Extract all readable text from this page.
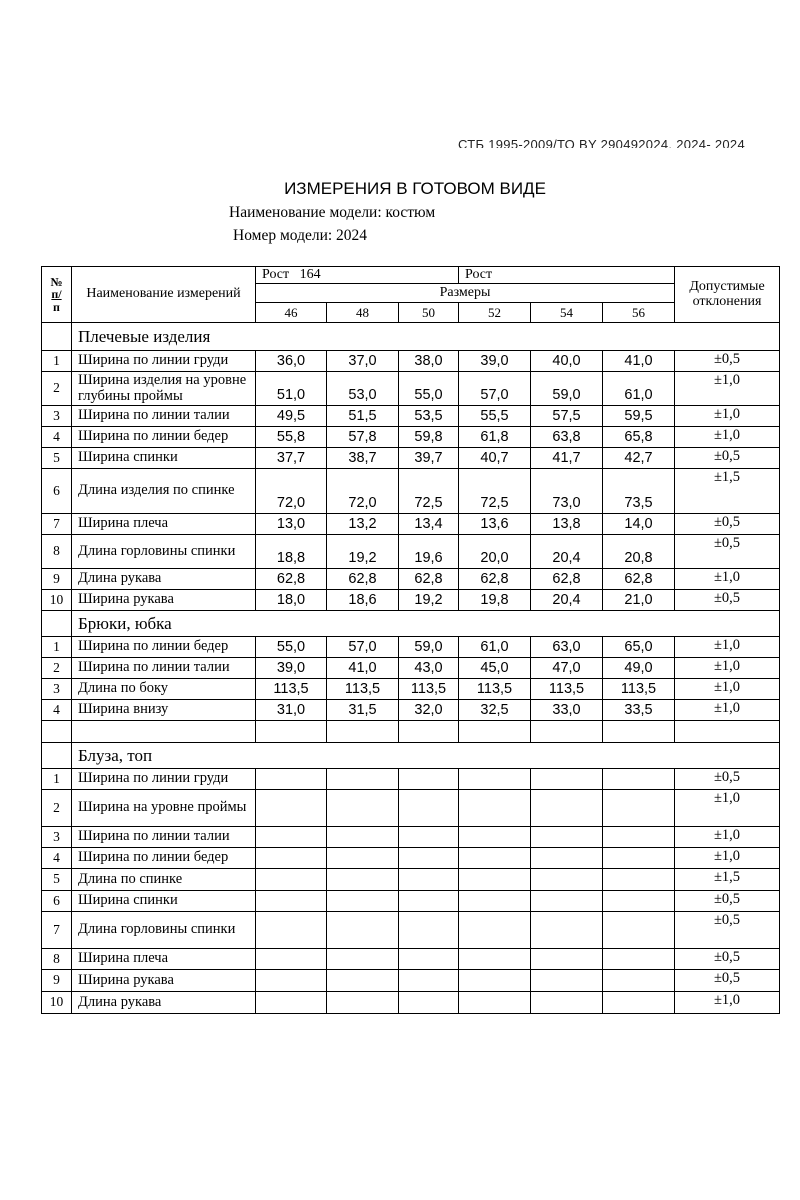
СТБ 1995-2009/ТО BY 290492024. 2024- 2024
ИЗМЕРЕНИЯ В ГОТОВОМ ВИДЕ
Наименование модели: костюм
Номер модели: 2024
№
п/
п	Наименование измерений	Рост   164			Рост			Допустимые отклонения
		Размеры						
		46	48	50	52	54	56	
	Плечевые изделия							
1	Ширина по линии груди	36,0	37,0	38,0	39,0	40,0	41,0	±0,5
2	Ширина изделия на уровне глубины проймы	51,0	53,0	55,0	57,0	59,0	61,0	±1,0
3	Ширина по линии талии	49,5	51,5	53,5	55,5	57,5	59,5	±1,0
4	Ширина по линии бедер	55,8	57,8	59,8	61,8	63,8	65,8	±1,0
5	Ширина спинки	37,7	38,7	39,7	40,7	41,7	42,7	±0,5
6	Длина изделия по спинке	72,0	72,0	72,5	72,5	73,0	73,5	±1,5
7	Ширина плеча	13,0	13,2	13,4	13,6	13,8	14,0	±0,5
8	Длина горловины спинки	18,8	19,2	19,6	20,0	20,4	20,8	±0,5
9	Длина рукава	62,8	62,8	62,8	62,8	62,8	62,8	±1,0
10	Ширина рукава	18,0	18,6	19,2	19,8	20,4	21,0	±0,5
	Брюки, юбка							
1	Ширина по линии бедер	55,0	57,0	59,0	61,0	63,0	65,0	±1,0
2	Ширина по линии талии	39,0	41,0	43,0	45,0	47,0	49,0	±1,0
3	Длина по боку	113,5	113,5	113,5	113,5	113,5	113,5	±1,0
4	Ширина внизу	31,0	31,5	32,0	32,5	33,0	33,5	±1,0

	Блуза, топ							
1	Ширина по линии груди							±0,5
2	Ширина на уровне проймы							±1,0
3	Ширина по линии талии							±1,0
4	Ширина по линии бедер							±1,0
5	Длина по спинке							±1,5
6	Ширина спинки							±0,5
7	Длина горловины спинки							±0,5
8	Ширина плеча							±0,5
9	Ширина рукава							±0,5
10	Длина рукава							±1,0
